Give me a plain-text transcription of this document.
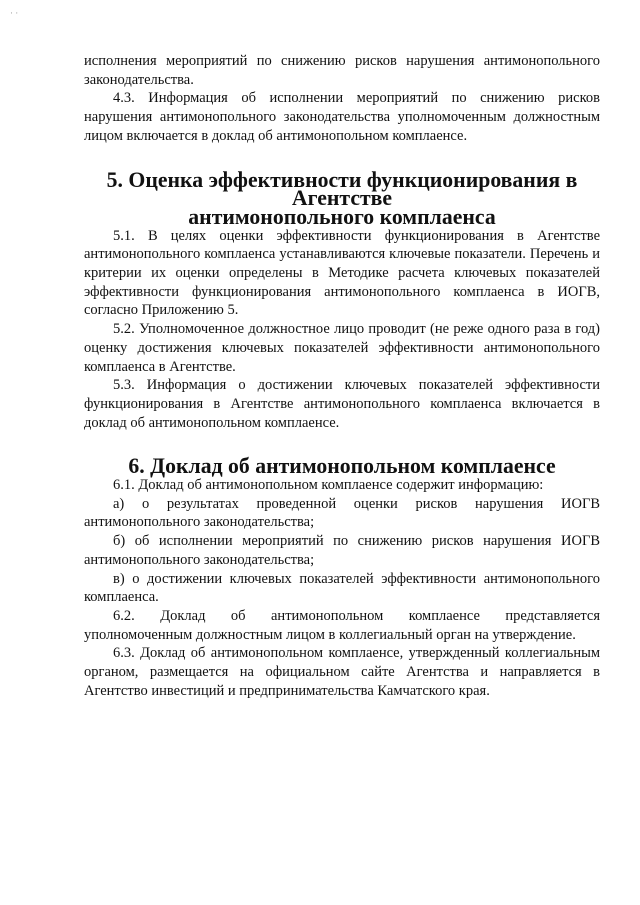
· ·

исполнения мероприятий по снижению рисков нарушения антимонопольного законодательства.

4.3. Информация об исполнении мероприятий по снижению рисков нарушения антимонопольного законодательства уполномоченным должностным лицом включается в доклад об антимонопольном комплаенсе.

5. Оценка эффективности функционирования в Агентстве
антимонопольного комплаенса

5.1. В целях оценки эффективности функционирования в Агентстве антимонопольного комплаенса устанавливаются ключевые показатели. Перечень и критерии их оценки определены в Методике расчета ключевых показателей эффективности функционирования антимонопольного комплаенса в ИОГВ, согласно Приложению 5.

5.2. Уполномоченное должностное лицо проводит (не реже одного раза в год) оценку достижения ключевых показателей эффективности антимонопольного комплаенса в Агентстве.

5.3. Информация о достижении ключевых показателей эффективности функционирования в Агентстве антимонопольного комплаенса включается в доклад об антимонопольном комплаенсе.

6. Доклад об антимонопольном комплаенсе

6.1. Доклад об антимонопольном комплаенсе содержит информацию:

а) о результатах проведенной оценки рисков нарушения ИОГВ антимонопольного законодательства;

б) об исполнении мероприятий по снижению рисков нарушения ИОГВ антимонопольного законодательства;

в) о достижении ключевых показателей эффективности антимонопольного комплаенса.

6.2. Доклад об антимонопольном комплаенсе представляется уполномоченным должностным лицом в коллегиальный орган на утверждение.

6.3. Доклад об антимонопольном комплаенсе, утвержденный коллегиальным органом, размещается на официальном сайте Агентства и направляется в Агентство инвестиций и предпринимательства Камчатского края.
